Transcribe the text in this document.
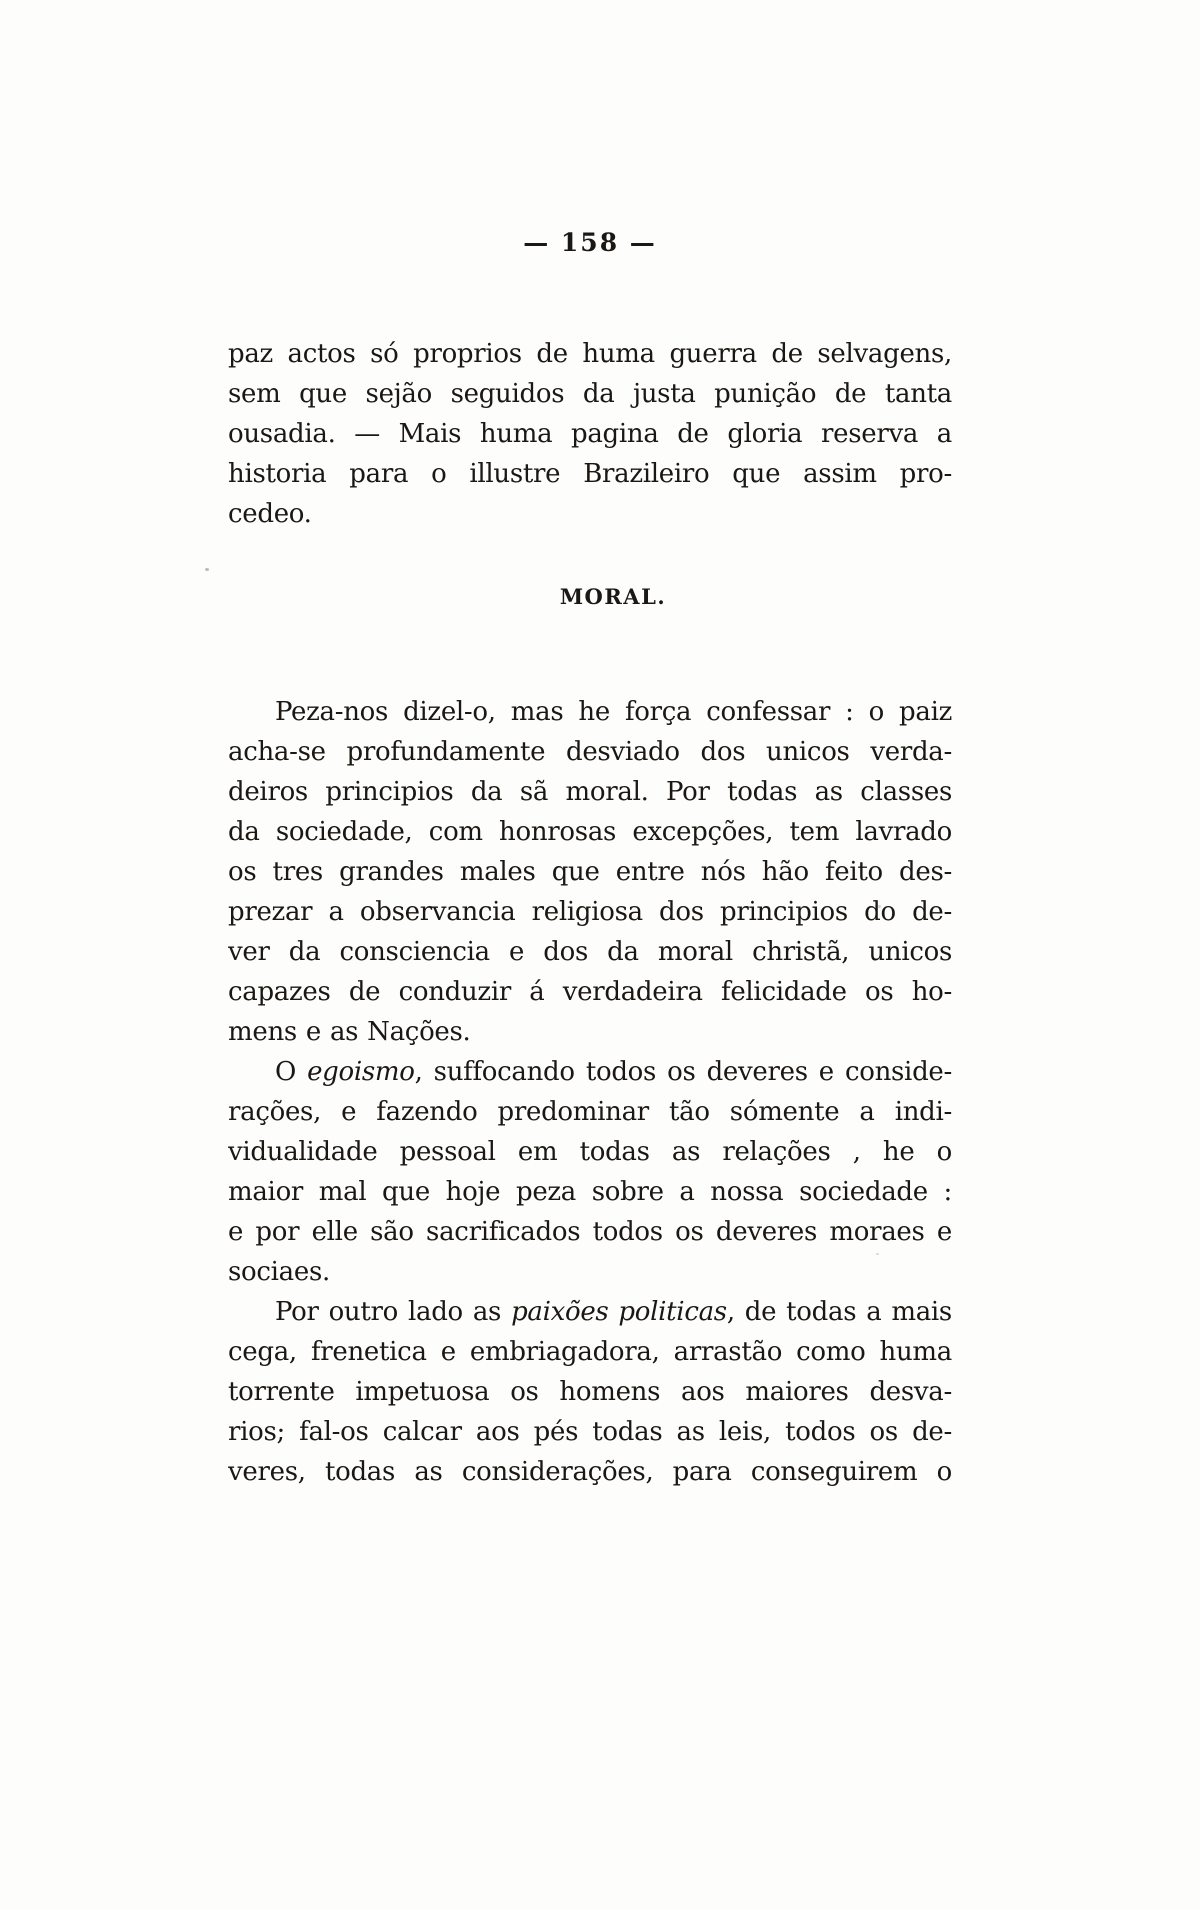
— 158 —
paz actos só proprios de huma guerra de selvagens,
sem que sejão seguidos da justa punição de tanta
ousadia. — Mais huma pagina de gloria reserva a
historia para o illustre Brazileiro que assim pro-
cedeo.
MORAL.
Peza-nos dizel-o, mas he força confessar : o paiz
acha-se profundamente desviado dos unicos verda-
deiros principios da sã moral. Por todas as classes
da sociedade, com honrosas excepções, tem lavrado
os tres grandes males que entre nós hão feito des-
prezar a observancia religiosa dos principios do de-
ver da consciencia e dos da moral christã, unicos
capazes de conduzir á verdadeira felicidade os ho-
mens e as Nações.
O egoismo, suffocando todos os deveres e conside-
rações, e fazendo predominar tão sómente a indi-
vidualidade pessoal em todas as relações , he o
maior mal que hoje peza sobre a nossa sociedade :
e por elle são sacrificados todos os deveres moraes e
sociaes.
Por outro lado as paixões politicas, de todas a mais
cega, frenetica e embriagadora, arrastão como huma
torrente impetuosa os homens aos maiores desva-
rios; fal-os calcar aos pés todas as leis, todos os de-
veres, todas as considerações, para conseguirem o
